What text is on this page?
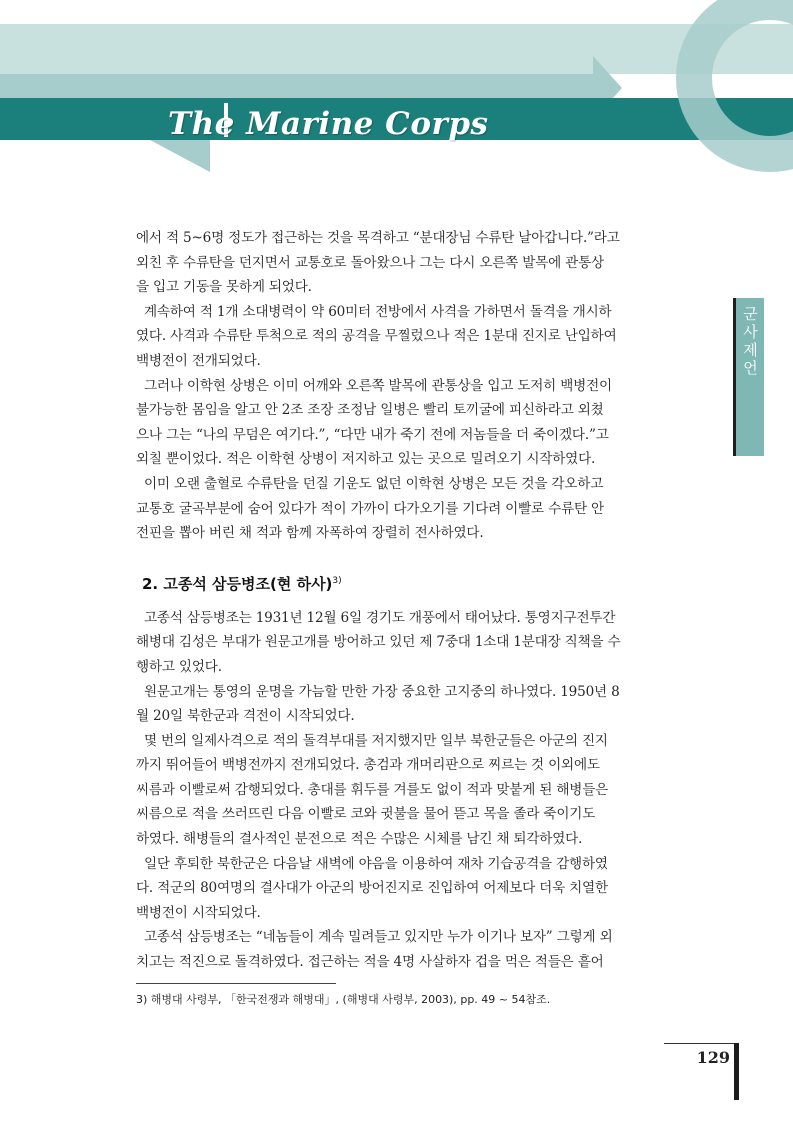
The Marine Corps
군사제언

에서 적 5~6명 정도가 접근하는 것을 목격하고 “분대장님 수류탄 날아갑니다.”라고
외친 후 수류탄을 던지면서 교통호로 돌아왔으나 그는 다시 오른쪽 발목에 관통상
을 입고 기동을 못하게 되었다.

계속하여 적 1개 소대병력이 약 60미터 전방에서 사격을 가하면서 돌격을 개시하
였다. 사격과 수류탄 투척으로 적의 공격을 무찔렀으나 적은 1분대 진지로 난입하여
백병전이 전개되었다.

그러나 이학현 상병은 이미 어깨와 오른쪽 발목에 관통상을 입고 도저히 백병전이
불가능한 몸임을 알고 안 2조 조장 조정남 일병은 빨리 토끼굴에 피신하라고 외쳤
으나 그는 “나의 무덤은 여기다.”, “다만 내가 죽기 전에 저놈들을 더 죽이겠다.”고
외칠 뿐이었다. 적은 이학현 상병이 저지하고 있는 곳으로 밀려오기 시작하였다.

이미 오랜 출혈로 수류탄을 던질 기운도 없던 이학현 상병은 모든 것을 각오하고
교통호 굴곡부분에 숨어 있다가 적이 가까이 다가오기를 기다려 이빨로 수류탄 안
전핀을 뽑아 버린 채 적과 함께 자폭하여 장렬히 전사하였다.

2. 고종석 삼등병조(현 하사)$^{3)}$

고종석 삼등병조는 1931년 12월 6일 경기도 개풍에서 태어났다. 통영지구전투간
해병대 김성은 부대가 원문고개를 방어하고 있던 제 7중대 1소대 1분대장 직책을 수
행하고 있었다.

원문고개는 통영의 운명을 가늠할 만한 가장 중요한 고지중의 하나였다. 1950년 8
월 20일 북한군과 격전이 시작되었다.

몇 번의 일제사격으로 적의 돌격부대를 저지했지만 일부 북한군들은 아군의 진지
까지 뛰어들어 백병전까지 전개되었다. 총검과 개머리판으로 찌르는 것 이외에도
씨름과 이빨로써 감행되었다. 총대를 휘두를 겨를도 없이 적과 맞붙게 된 해병들은
씨름으로 적을 쓰러뜨린 다음 이빨로 코와 귓불을 물어 뜯고 목을 졸라 죽이기도
하였다. 해병들의 결사적인 분전으로 적은 수많은 시체를 남긴 채 퇴각하였다.

일단 후퇴한 북한군은 다음날 새벽에 야음을 이용하여 재차 기습공격을 감행하였
다. 적군의 80여명의 결사대가 아군의 방어진지로 진입하여 어제보다 더욱 치열한
백병전이 시작되었다.

고종석 삼등병조는 “네놈들이 계속 밀려들고 있지만 누가 이기나 보자” 그렇게 외
치고는 적진으로 돌격하였다. 접근하는 적을 4명 사살하자 겁을 먹은 적들은 흩어

3) 해병대 사령부, 「한국전쟁과 해병대」, (해병대 사령부, 2003), pp. 49 ~ 54참조.
129
